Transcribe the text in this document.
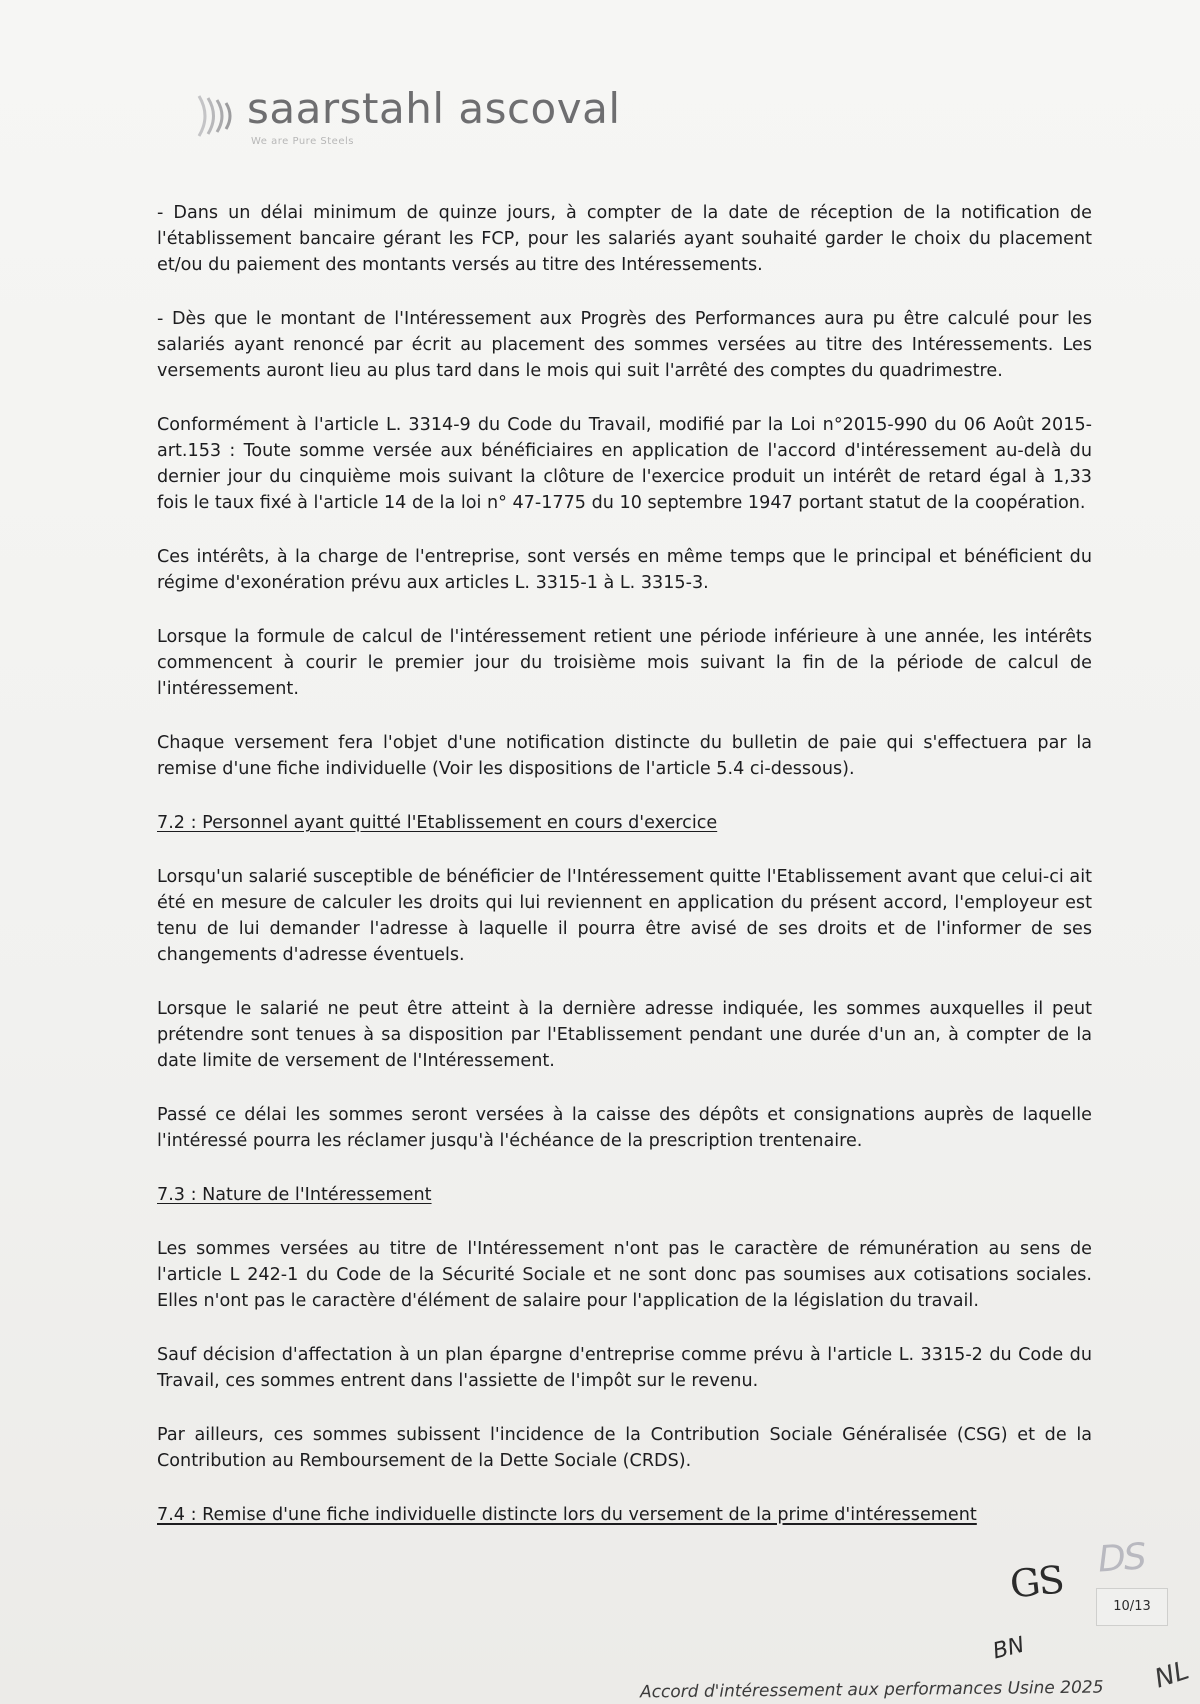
saarstahl ascoval
We are Pure Steels

- Dans un délai minimum de quinze jours, à compter de la date de réception de la notification de l'établissement bancaire gérant les FCP, pour les salariés ayant souhaité garder le choix du placement et/ou du paiement des montants versés au titre des Intéressements.

- Dès que le montant de l'Intéressement aux Progrès des Performances aura pu être calculé pour les salariés ayant renoncé par écrit au placement des sommes versées au titre des Intéressements. Les versements auront lieu au plus tard dans le mois qui suit l'arrêté des comptes du quadrimestre.

Conformément à l'article L. 3314-9 du Code du Travail, modifié par la Loi n°2015-990 du 06 Août 2015-art.153 : Toute somme versée aux bénéficiaires en application de l'accord d'intéressement au-delà du dernier jour du cinquième mois suivant la clôture de l'exercice produit un intérêt de retard égal à 1,33 fois le taux fixé à l'article 14 de la loi n° 47-1775 du 10 septembre 1947 portant statut de la coopération.

Ces intérêts, à la charge de l'entreprise, sont versés en même temps que le principal et bénéficient du régime d'exonération prévu aux articles L. 3315-1 à L. 3315-3.

Lorsque la formule de calcul de l'intéressement retient une période inférieure à une année, les intérêts commencent à courir le premier jour du troisième mois suivant la fin de la période de calcul de l'intéressement.

Chaque versement fera l'objet d'une notification distincte du bulletin de paie qui s'effectuera par la remise d'une fiche individuelle (Voir les dispositions de l'article 5.4 ci-dessous).

7.2 : Personnel ayant quitté l'Etablissement en cours d'exercice

Lorsqu'un salarié susceptible de bénéficier de l'Intéressement quitte l'Etablissement avant que celui-ci ait été en mesure de calculer les droits qui lui reviennent en application du présent accord, l'employeur est tenu de lui demander l'adresse à laquelle il pourra être avisé de ses droits et de l'informer de ses changements d'adresse éventuels.

Lorsque le salarié ne peut être atteint à la dernière adresse indiquée, les sommes auxquelles il peut prétendre sont tenues à sa disposition par l'Etablissement pendant une durée d'un an, à compter de la date limite de versement de l'Intéressement.

Passé ce délai les sommes seront versées à la caisse des dépôts et consignations auprès de laquelle l'intéressé pourra les réclamer jusqu'à l'échéance de la prescription trentenaire.

7.3 : Nature de l'Intéressement

Les sommes versées au titre de l'Intéressement n'ont pas le caractère de rémunération au sens de l'article L 242-1 du Code de la Sécurité Sociale et ne sont donc pas soumises aux cotisations sociales. Elles n'ont pas le caractère d'élément de salaire pour l'application de la législation du travail.

Sauf décision d'affectation à un plan épargne d'entreprise comme prévu à l'article L. 3315-2 du Code du Travail, ces sommes entrent dans l'assiette de l'impôt sur le revenu.

Par ailleurs, ces sommes subissent l'incidence de la Contribution Sociale Généralisée (CSG) et de la Contribution au Remboursement de la Dette Sociale (CRDS).

7.4 : Remise d'une fiche individuelle distincte lors du versement de la prime d'intéressement
GS DS
10/13
BN
NL
Accord d'intéressement aux performances Usine 2025
